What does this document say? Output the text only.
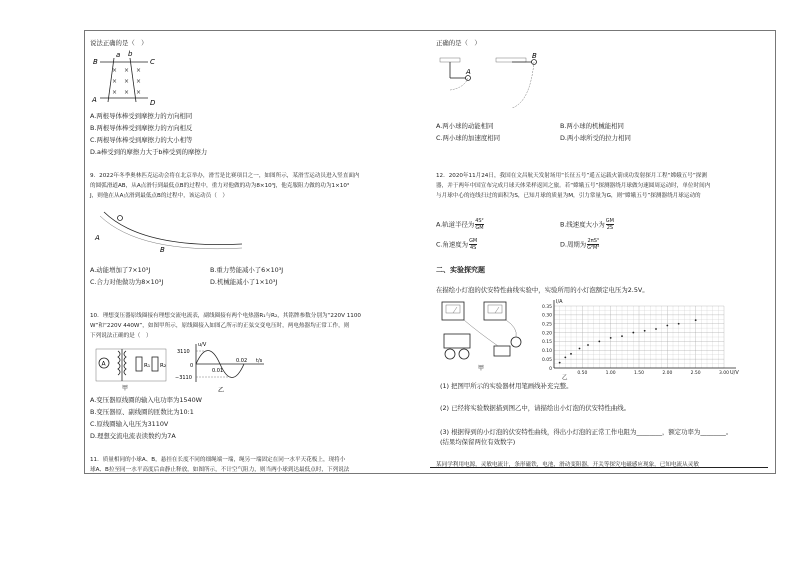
说法正确的是（　）
B	C
A	D
a b
× × ×
× × ×
× × ×
A.两根导体棒受到摩擦力的方向相同
B.两根导体棒受到摩擦力的方向相反
C.两根导体棒受到摩擦力的大小相等
D.a棒受到的摩擦力大于b棒受到的摩擦力
9．2022年冬季奥林匹克运动会将在北京举办，滑雪是比赛项目之一，如图所示，某滑雪运动员进入竖直面内
的圆弧滑道AB，从A点滑行到最低点B的过程中，重力对他做的功为8×10³J，他克服阻力做的功为1×10³
J，则他在从A点滑到最低点B的过程中，该运动员（　）
A
B
A.动能增加了7×10³J	B.重力势能减小了6×10³J
C.合力对他做功为8×10³J	D.机械能减小了1×10³J
10．理想变压器原线圈接有理想交流电流表，副线圈接有两个电热器R₁与R₂，其铭牌参数分别为“220V 1100
W”和“220V 440W”，如图甲所示，原线圈接入如图乙所示的正弦交变电压时，两电热器均正常工作，则
下列说法正确的是（　）
A	R₁ R₂
甲
u/V
3110
0
−3110
0.01
0.02 t/s
乙
A.变压器原线圈的输入电功率为1540W
B.变压器原、副线圈的匝数比为10:1
C.原线圈输入电压为3110V
D.理想交流电流表读数约为7A
11．质量相同的小球A、B，悬挂在长度不同的细绳端一端，绳另一端固定在同一水平天花板上，现将小
球A、B拉至同一水平高度后由静止释放，如图所示，不计空气阻力，则当两小球到达最低点时，下列说法
正确的是（　）
A
B
A.两小球的动能相同	B.两小球的机械能相同
C.两小球的加速度相同	D.两小球所受的拉力相同
12．2020年11月24日，我国在文昌航天发射场用“长征五号”遥五运载火箭成功发射探月工程“嫦娥五号”探测
器，并于两年中国宣布完成月球天体采样返回之旅。若“嫦娥五号”探测器绕月球做匀速圆周运动时，单位时间内
与月球中心的连线扫过的面积为S，已知月球的质量为M，引力常量为G，则“嫦娥五号”探测器绕月球运动的
A.轨道半径为 $\frac{\text{4S²}}{GM}$	B.线速度大小为 $\frac{GM}{2S}$
C.角速度为 $\frac{GM}{4S}$	D.周期为 $\frac{\text{2πS³}}{\text{G²M²}}$
二、实验探究题
在描绘小灯泡的伏安特性曲线实验中，实验所用的小灯泡额定电压为2.5V。
甲
0.35
0.30
0.25
0.20
0.15
0.10
0.05
0
0.50	1.00	1.50	2.00	2.50	3.00
I/A
U/V
乙
(1) 把图甲所示的实验器材用笔画线补充完整。
(2) 已经将实验数据描到图乙中，请描绘出小灯泡的伏安特性曲线。
(3) 根据得到的小灯泡的伏安特性曲线，得出小灯泡的正常工作电阻为________，额定功率为________。
(结果均保留两位有效数字)
某同学利用电源，灵敏电流计，条形磁铁，电池，滑动变阻器，开关等探究电磁感应现象，已知电流从灵敏
